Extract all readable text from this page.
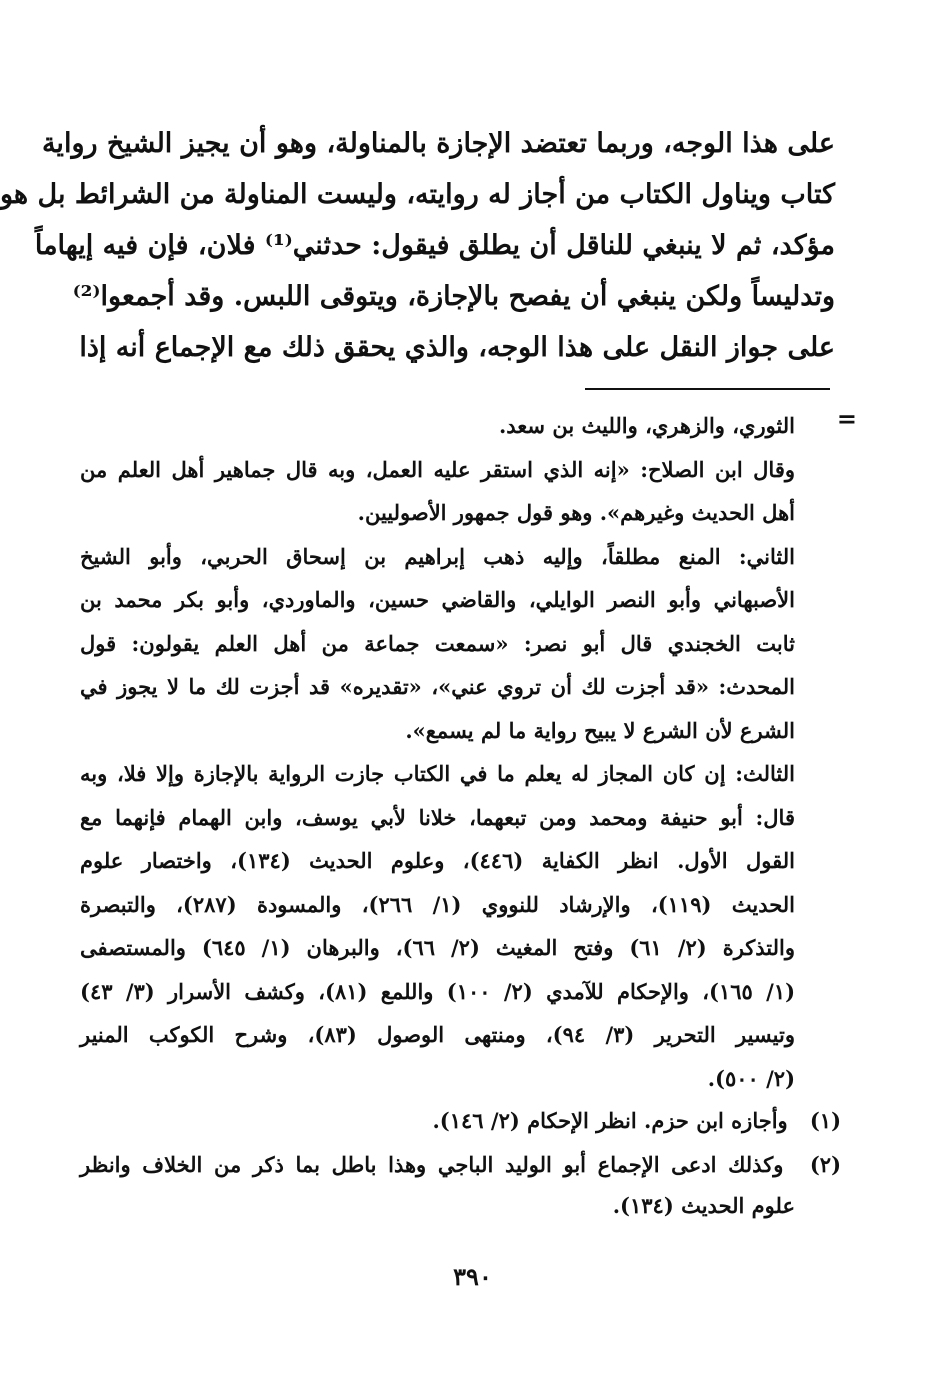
على هذا الوجه، وربما تعتضد الإجازة بالمناولة، وهو أن يجيز الشيخ رواية
كتاب ويناول الكتاب من أجاز له روايته، وليست المناولة من الشرائط بل هو
مؤكد، ثم لا ينبغي للناقل أن يطلق فيقول: حدثني⁽¹⁾ فلان، فإن فيه إيهاماً
وتدليساً ولكن ينبغي أن يفصح بالإجازة، ويتوقى اللبس. وقد أجمعوا⁽²⁾
على جواز النقل على هذا الوجه، والذي يحقق ذلك مع الإجماع أنه إذا
=
الثوري، والزهري، والليث بن سعد.
وقال ابن الصلاح: «إنه الذي استقر عليه العمل، وبه قال جماهير أهل العلم من
أهل الحديث وغيرهم». وهو قول جمهور الأصوليين.
الثاني: المنع مطلقاً، وإليه ذهب إبراهيم بن إسحاق الحربي، وأبو الشيخ
الأصبهاني وأبو النصر الوايلي، والقاضي حسين، والماوردي، وأبو بكر محمد بن
ثابت الخجندي قال أبو نصر: «سمعت جماعة من أهل العلم يقولون: قول
المحدث: «قد أجزت لك أن تروي عني»، «تقديره» قد أجزت لك ما لا يجوز في
الشرع لأن الشرع لا يبيح رواية ما لم يسمع».
الثالث: إن كان المجاز له يعلم ما في الكتاب جازت الرواية بالإجازة وإلا فلا، وبه
قال: أبو حنيفة ومحمد ومن تبعهما، خلانا لأبي يوسف، وابن الهمام فإنهما مع
القول الأول. انظر الكفاية (٤٤٦)، وعلوم الحديث (١٣٤)، واختصار علوم
الحديث (١١٩)، والإرشاد للنووي (١/ ٢٦٦)، والمسودة (٢٨٧)، والتبصرة
والتذكرة (٢/ ٦١) وفتح المغيث (٢/ ٦٦)، والبرهان (١/ ٦٤٥) والمستصفى
(١/ ١٦٥)، والإحكام للآمدي (٢/ ١٠٠) واللمع (٨١)، وكشف الأسرار (٣/ ٤٣)
وتيسير التحرير (٣/ ٩٤)، ومنتهى الوصول (٨٣)، وشرح الكوكب المنير
(٢/ ٥٠٠).
(١) وأجازه ابن حزم. انظر الإحكام (٢/ ١٤٦).
(٢) وكذلك ادعى الإجماع أبو الوليد الباجي وهذا باطل بما ذكر من الخلاف وانظر
علوم الحديث (١٣٤).
٣٩٠
